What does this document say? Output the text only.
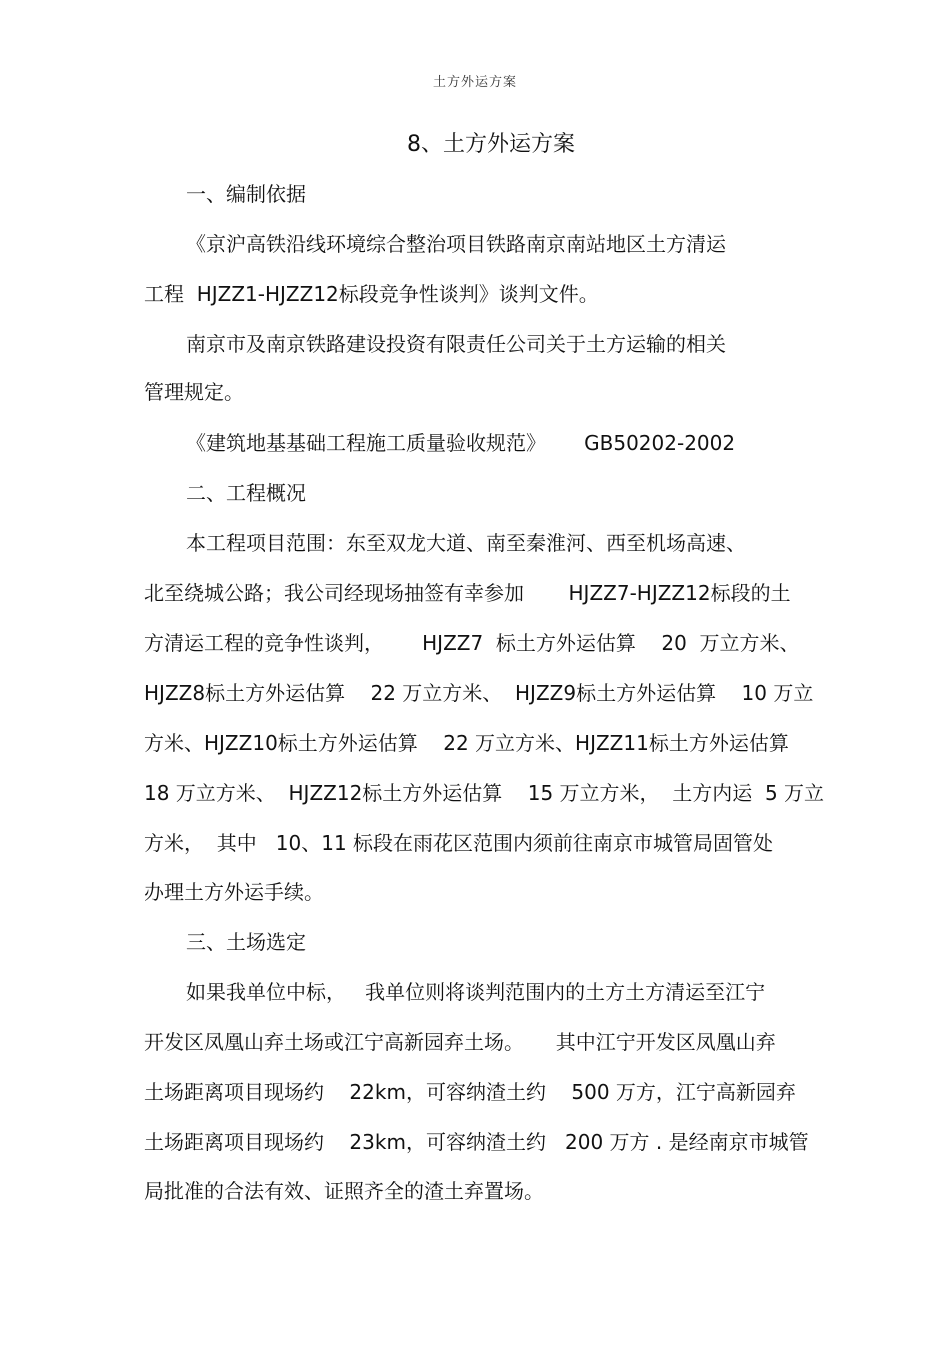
土方外运方案
8、土方外运方案
一、编制依据
《京沪高铁沿线环境综合整治项目铁路南京南站地区土方清运
工程  HJZZ1-HJZZ12标段竞争性谈判》谈判文件。
南京市及南京铁路建设投资有限责任公司关于土方运输的相关
管理规定。
《建筑地基基础工程施工质量验收规范》      GB50202-2002
二、工程概况
本工程项目范围：东至双龙大道、南至秦淮河、西至机场高速、
北至绕城公路；我公司经现场抽签有幸参加       HJZZ7-HJZZ12标段的土
方清运工程的竞争性谈判，      HJZZ7  标土方外运估算    20  万立方米、
HJZZ8标土方外运估算    22 万立方米、  HJZZ9标土方外运估算    10 万立
方米、HJZZ10标土方外运估算    22 万立方米、HJZZ11标土方外运估算
18 万立方米、  HJZZ12标土方外运估算    15 万立方米，  土方内运  5 万立
方米，  其中   10、11 标段在雨花区范围内须前往南京市城管局固管处
办理土方外运手续。
三、土场选定
如果我单位中标，   我单位则将谈判范围内的土方土方清运至江宁
开发区凤凰山弃土场或江宁高新园弃土场。     其中江宁开发区凤凰山弃
土场距离项目现场约    22km，可容纳渣土约    500 万方，江宁高新园弃
土场距离项目现场约    23km，可容纳渣土约   200 万方 . 是经南京市城管
局批准的合法有效、证照齐全的渣土弃置场。
